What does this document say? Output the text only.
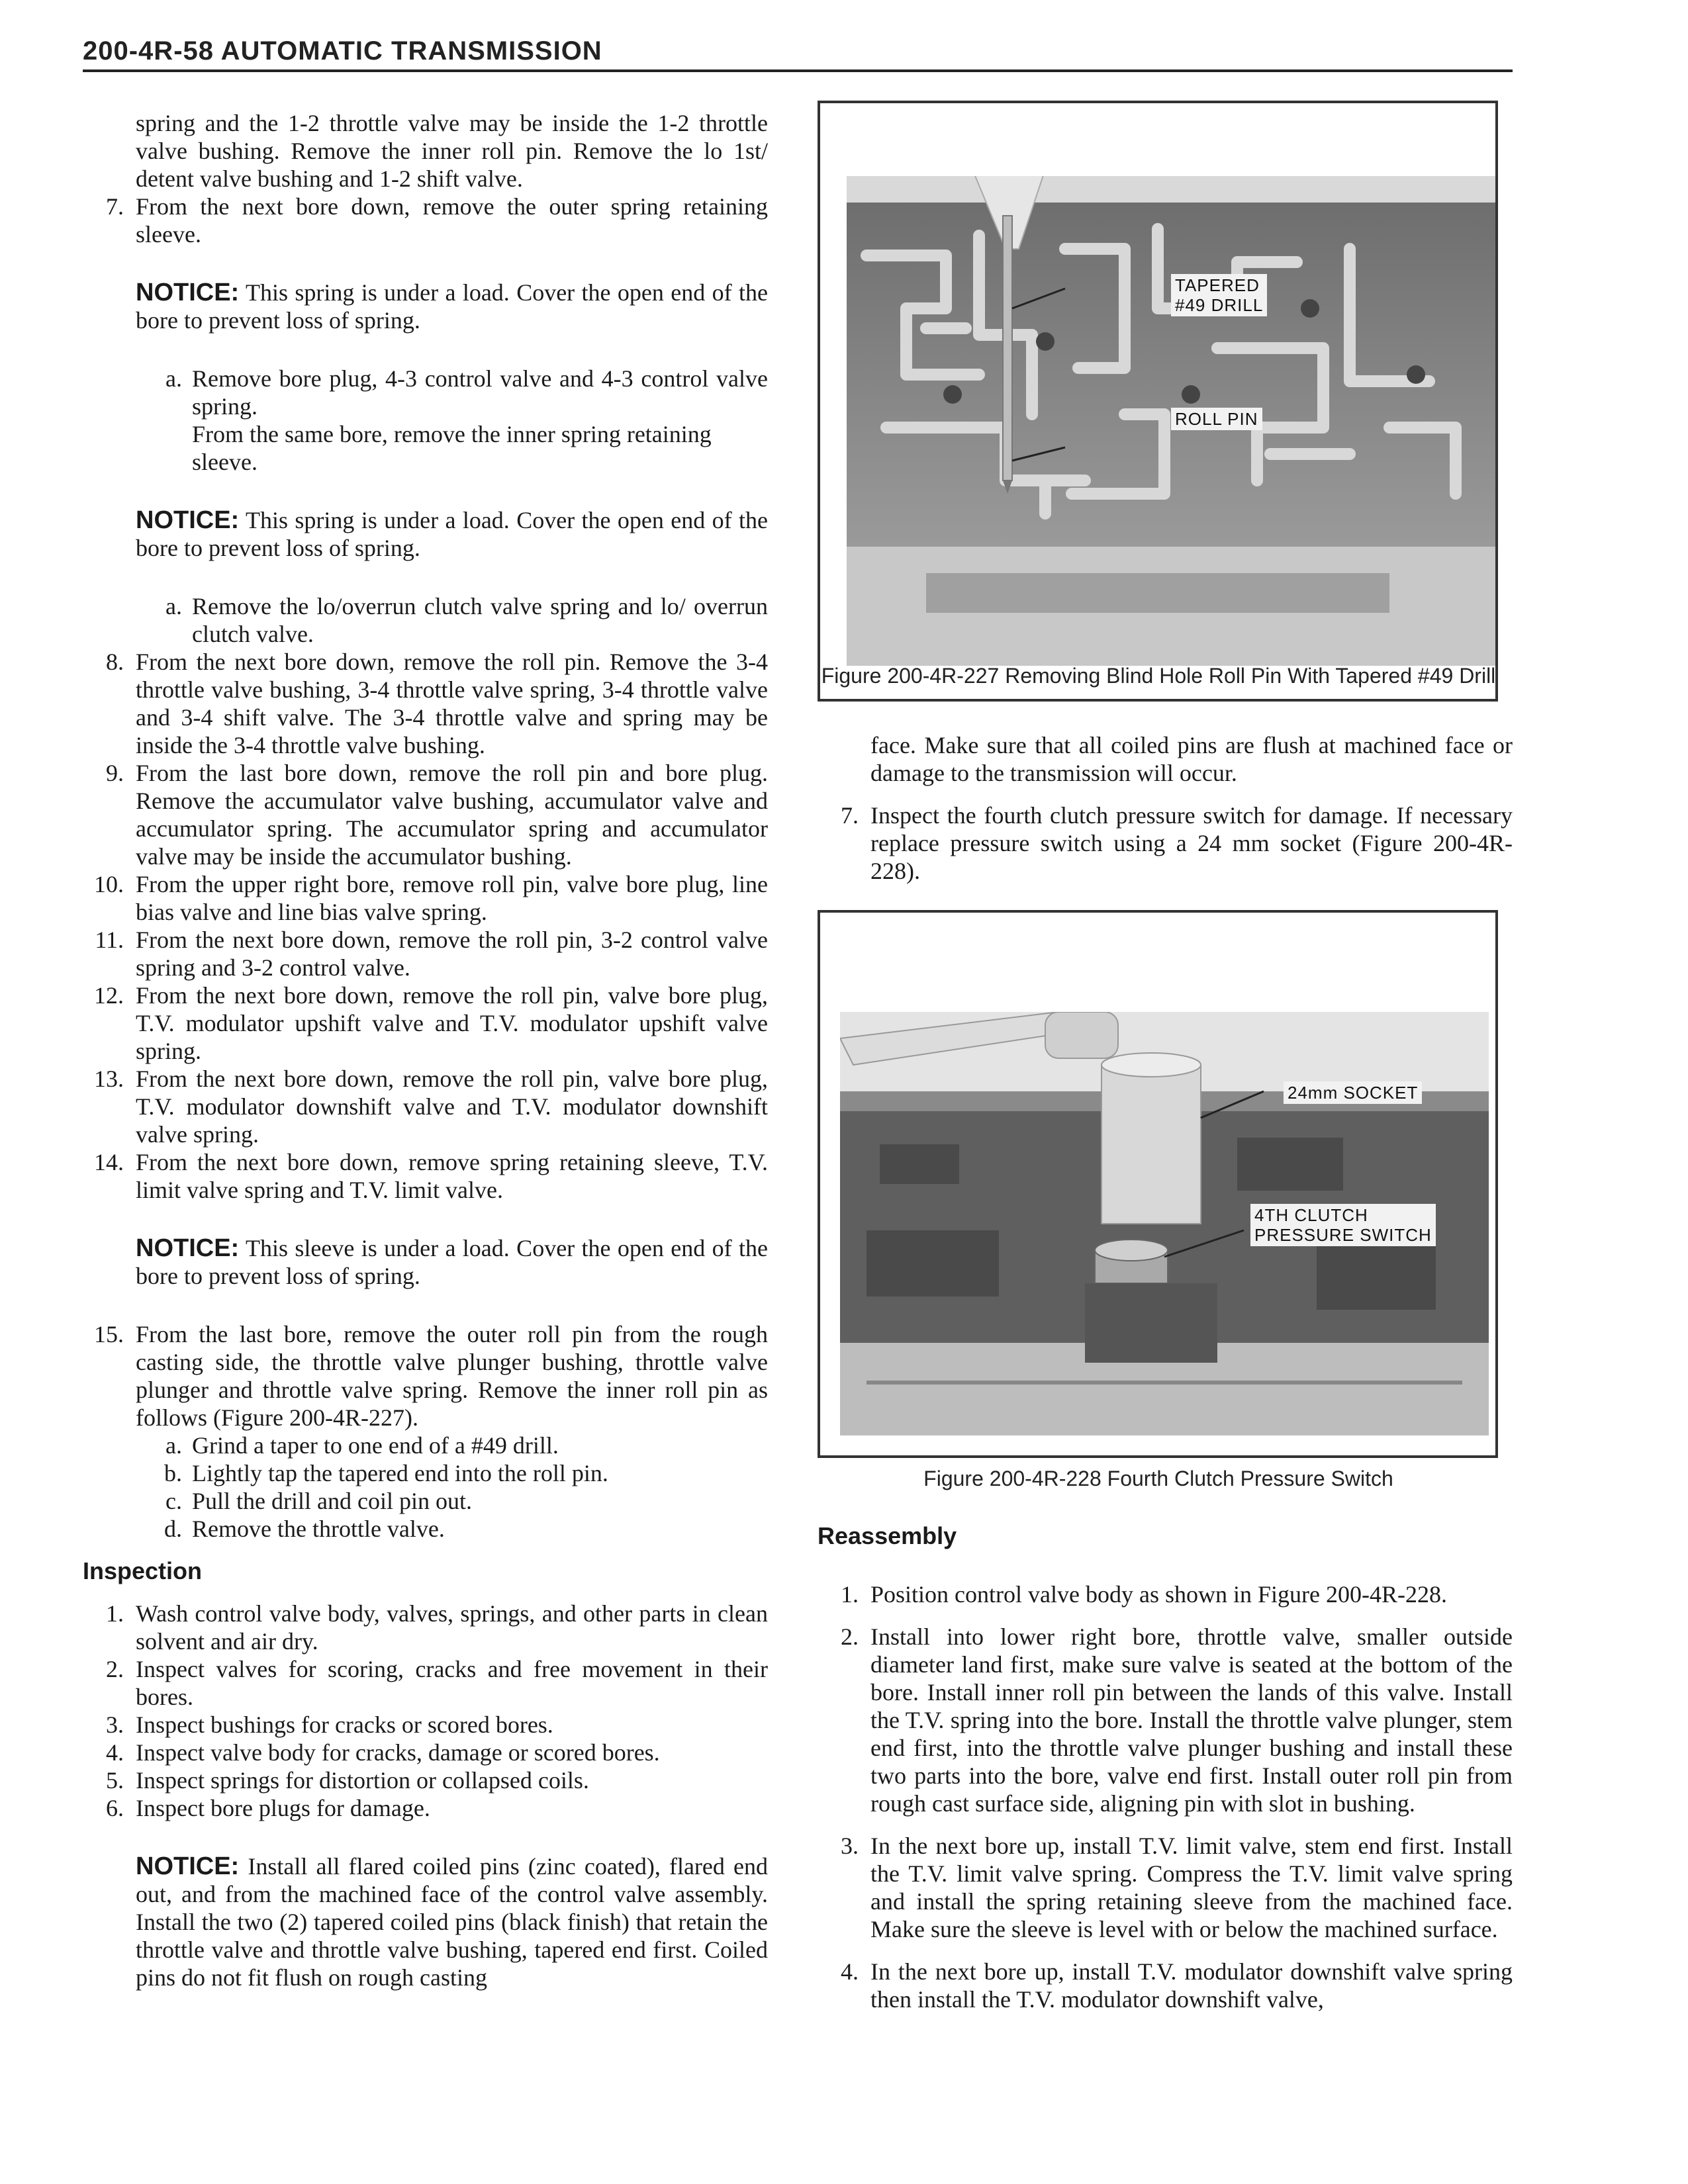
200-4R-58 AUTOMATIC TRANSMISSION

spring and the 1-2 throttle valve may be inside the 1-2 throttle valve bushing. Remove the inner roll pin. Remove the lo 1st/ detent valve bushing and 1-2 shift valve.

7. From the next bore down, remove the outer spring retaining sleeve.

NOTICE: This spring is under a load. Cover the open end of the bore to prevent loss of spring.

a. Remove bore plug, 4-3 control valve and 4-3 control valve spring.

From the same bore, remove the inner spring retaining sleeve.

NOTICE: This spring is under a load. Cover the open end of the bore to prevent loss of spring.

a. Remove the lo/overrun clutch valve spring and lo/ overrun clutch valve.
8. From the next bore down, remove the roll pin. Remove the 3-4 throttle valve bushing, 3-4 throttle valve spring, 3-4 throttle valve and 3-4 shift valve. The 3-4 throttle valve and spring may be inside the 3-4 throttle valve bushing.
9. From the last bore down, remove the roll pin and bore plug. Remove the accumulator valve bushing, accumulator valve and accumulator spring. The accumulator spring and accumulator valve may be inside the accumulator bushing.
10. From the upper right bore, remove roll pin, valve bore plug, line bias valve and line bias valve spring.
11. From the next bore down, remove the roll pin, 3-2 control valve spring and 3-2 control valve.
12. From the next bore down, remove the roll pin, valve bore plug, T.V. modulator upshift valve and T.V. modulator upshift valve spring.
13. From the next bore down, remove the roll pin, valve bore plug, T.V. modulator downshift valve and T.V. modulator downshift valve spring.
14. From the next bore down, remove spring retaining sleeve, T.V. limit valve spring and T.V. limit valve.

NOTICE: This sleeve is under a load. Cover the open end of the bore to prevent loss of spring.

15. From the last bore, remove the outer roll pin from the rough casting side, the throttle valve plunger bushing, throttle valve plunger and throttle valve spring. Remove the inner roll pin as follows (Figure 200-4R-227).
a. Grind a taper to one end of a #49 drill.
b. Lightly tap the tapered end into the roll pin.
c. Pull the drill and coil pin out.
d. Remove the throttle valve.

Inspection

1. Wash control valve body, valves, springs, and other parts in clean solvent and air dry.
2. Inspect valves for scoring, cracks and free movement in their bores.
3. Inspect bushings for cracks or scored bores.
4. Inspect valve body for cracks, damage or scored bores.
5. Inspect springs for distortion or collapsed coils.
6. Inspect bore plugs for damage.

NOTICE: Install all flared coiled pins (zinc coated), flared end out, and from the machined face of the control valve assembly. Install the two (2) tapered coiled pins (black finish) that retain the throttle valve and throttle valve bushing, tapered end first. Coiled pins do not fit flush on rough casting

TAPERED
#49 DRILL
ROLL PIN
Figure 200-4R-227 Removing Blind Hole Roll Pin With Tapered #49 Drill

face. Make sure that all coiled pins are flush at machined face or damage to the transmission will occur.

7. Inspect the fourth clutch pressure switch for damage. If necessary replace pressure switch using a 24 mm socket (Figure 200-4R-228).
24mm SOCKET
4TH CLUTCH
PRESSURE SWITCH
Figure 200-4R-228 Fourth Clutch Pressure Switch

Reassembly

1. Position control valve body as shown in Figure 200-4R-228.
2. Install into lower right bore, throttle valve, smaller outside diameter land first, make sure valve is seated at the bottom of the bore. Install inner roll pin between the lands of this valve. Install the T.V. spring into the bore. Install the throttle valve plunger, stem end first, into the throttle valve plunger bushing and install these two parts into the bore, valve end first. Install outer roll pin from rough cast surface side, aligning pin with slot in bushing.
3. In the next bore up, install T.V. limit valve, stem end first. Install the T.V. limit valve spring. Compress the T.V. limit valve spring and install the spring retaining sleeve from the machined face. Make sure the sleeve is level with or below the machined surface.
4. In the next bore up, install T.V. modulator downshift valve spring then install the T.V. modulator downshift valve,
